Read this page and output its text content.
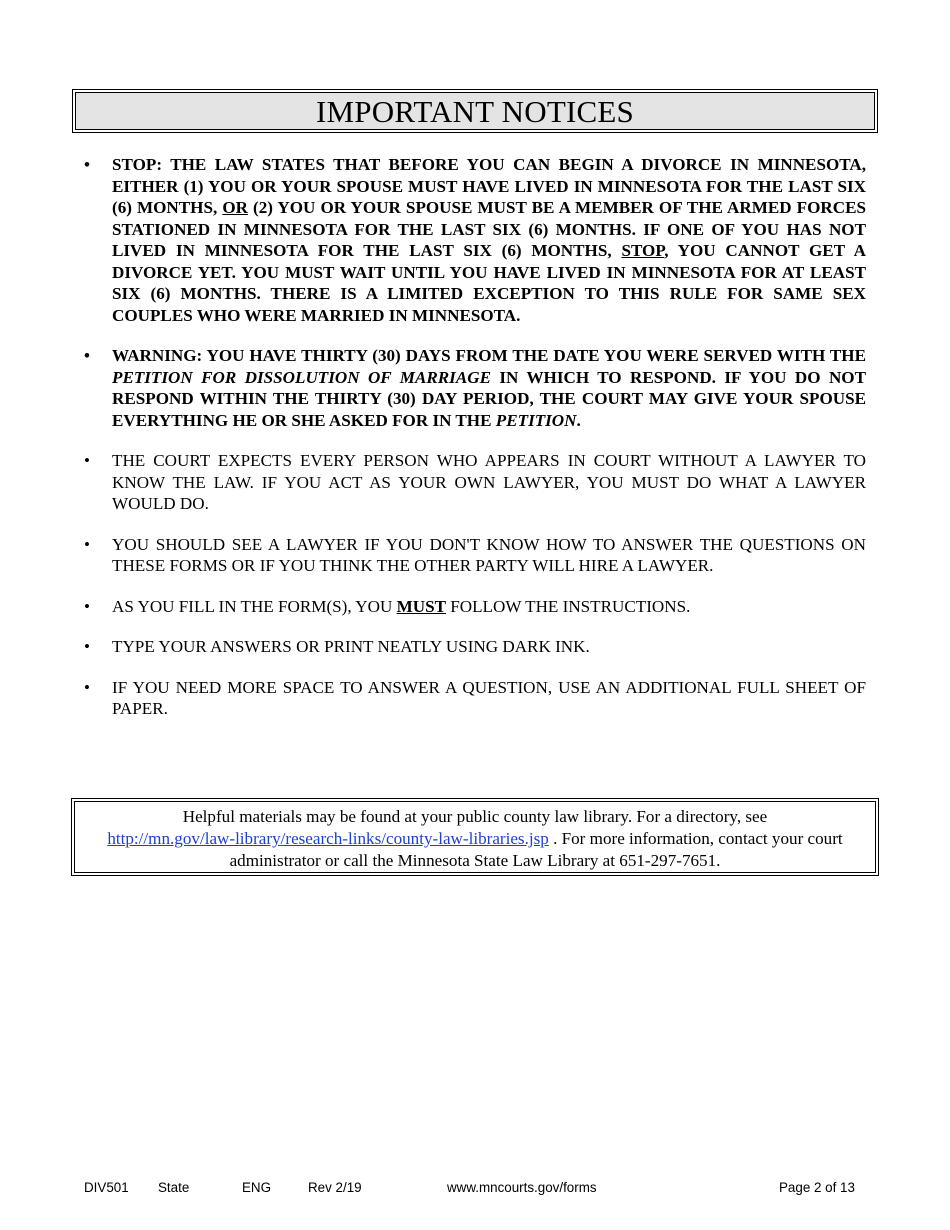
IMPORTANT NOTICES
• STOP: THE LAW STATES THAT BEFORE YOU CAN BEGIN A DIVORCE IN MINNESOTA, EITHER (1) YOU OR YOUR SPOUSE MUST HAVE LIVED IN MINNESOTA FOR THE LAST SIX (6) MONTHS, OR (2) YOU OR YOUR SPOUSE MUST BE A MEMBER OF THE ARMED FORCES STATIONED IN MINNESOTA FOR THE LAST SIX (6) MONTHS. IF ONE OF YOU HAS NOT LIVED IN MINNESOTA FOR THE LAST SIX (6) MONTHS, STOP, YOU CANNOT GET A DIVORCE YET. YOU MUST WAIT UNTIL YOU HAVE LIVED IN MINNESOTA FOR AT LEAST SIX (6) MONTHS. THERE IS A LIMITED EXCEPTION TO THIS RULE FOR SAME SEX COUPLES WHO WERE MARRIED IN MINNESOTA.
• WARNING: YOU HAVE THIRTY (30) DAYS FROM THE DATE YOU WERE SERVED WITH THE PETITION FOR DISSOLUTION OF MARRIAGE IN WHICH TO RESPOND. IF YOU DO NOT RESPOND WITHIN THE THIRTY (30) DAY PERIOD, THE COURT MAY GIVE YOUR SPOUSE EVERYTHING HE OR SHE ASKED FOR IN THE PETITION.
• THE COURT EXPECTS EVERY PERSON WHO APPEARS IN COURT WITHOUT A LAWYER TO KNOW THE LAW. IF YOU ACT AS YOUR OWN LAWYER, YOU MUST DO WHAT A LAWYER WOULD DO.
• YOU SHOULD SEE A LAWYER IF YOU DON'T KNOW HOW TO ANSWER THE QUESTIONS ON THESE FORMS OR IF YOU THINK THE OTHER PARTY WILL HIRE A LAWYER.
• AS YOU FILL IN THE FORM(S), YOU MUST FOLLOW THE INSTRUCTIONS.
• TYPE YOUR ANSWERS OR PRINT NEATLY USING DARK INK.
• IF YOU NEED MORE SPACE TO ANSWER A QUESTION, USE AN ADDITIONAL FULL SHEET OF PAPER.
Helpful materials may be found at your public county law library. For a directory, see
http://mn.gov/law-library/research-links/county-law-libraries.jsp . For more information, contact your court administrator or call the Minnesota State Law Library at 651-297-7651.
DIV501 State	ENG	Rev 2/19	www.mncourts.gov/forms	Page 2 of 13
